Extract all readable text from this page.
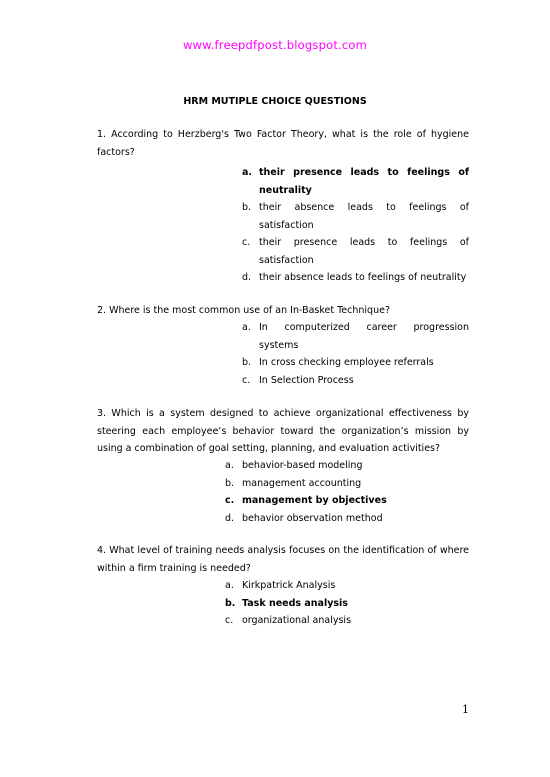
www.freepdfpost.blogspot.com
HRM MUTIPLE CHOICE QUESTIONS
1. According to Herzberg's Two Factor Theory, what is the role of hygiene factors?
a. their presence leads to feelings of neutrality
b. their absence leads to feelings of satisfaction
c. their presence leads to feelings of satisfaction
d. their absence leads to feelings of neutrality
2. Where is the most common use of an In-Basket Technique?
a. In computerized career progression systems
b. In cross checking employee referrals
c. In Selection Process
3. Which is a system designed to achieve organizational effectiveness by steering each employee’s behavior toward the organization’s mission by using a combination of goal setting, planning, and evaluation activities?
a. behavior-based modeling
b. management accounting
c. management by objectives
d. behavior observation method
4. What level of training needs analysis focuses on the identification of where within a firm training is needed?
a. Kirkpatrick Analysis
b. Task needs analysis
c. organizational analysis
1
